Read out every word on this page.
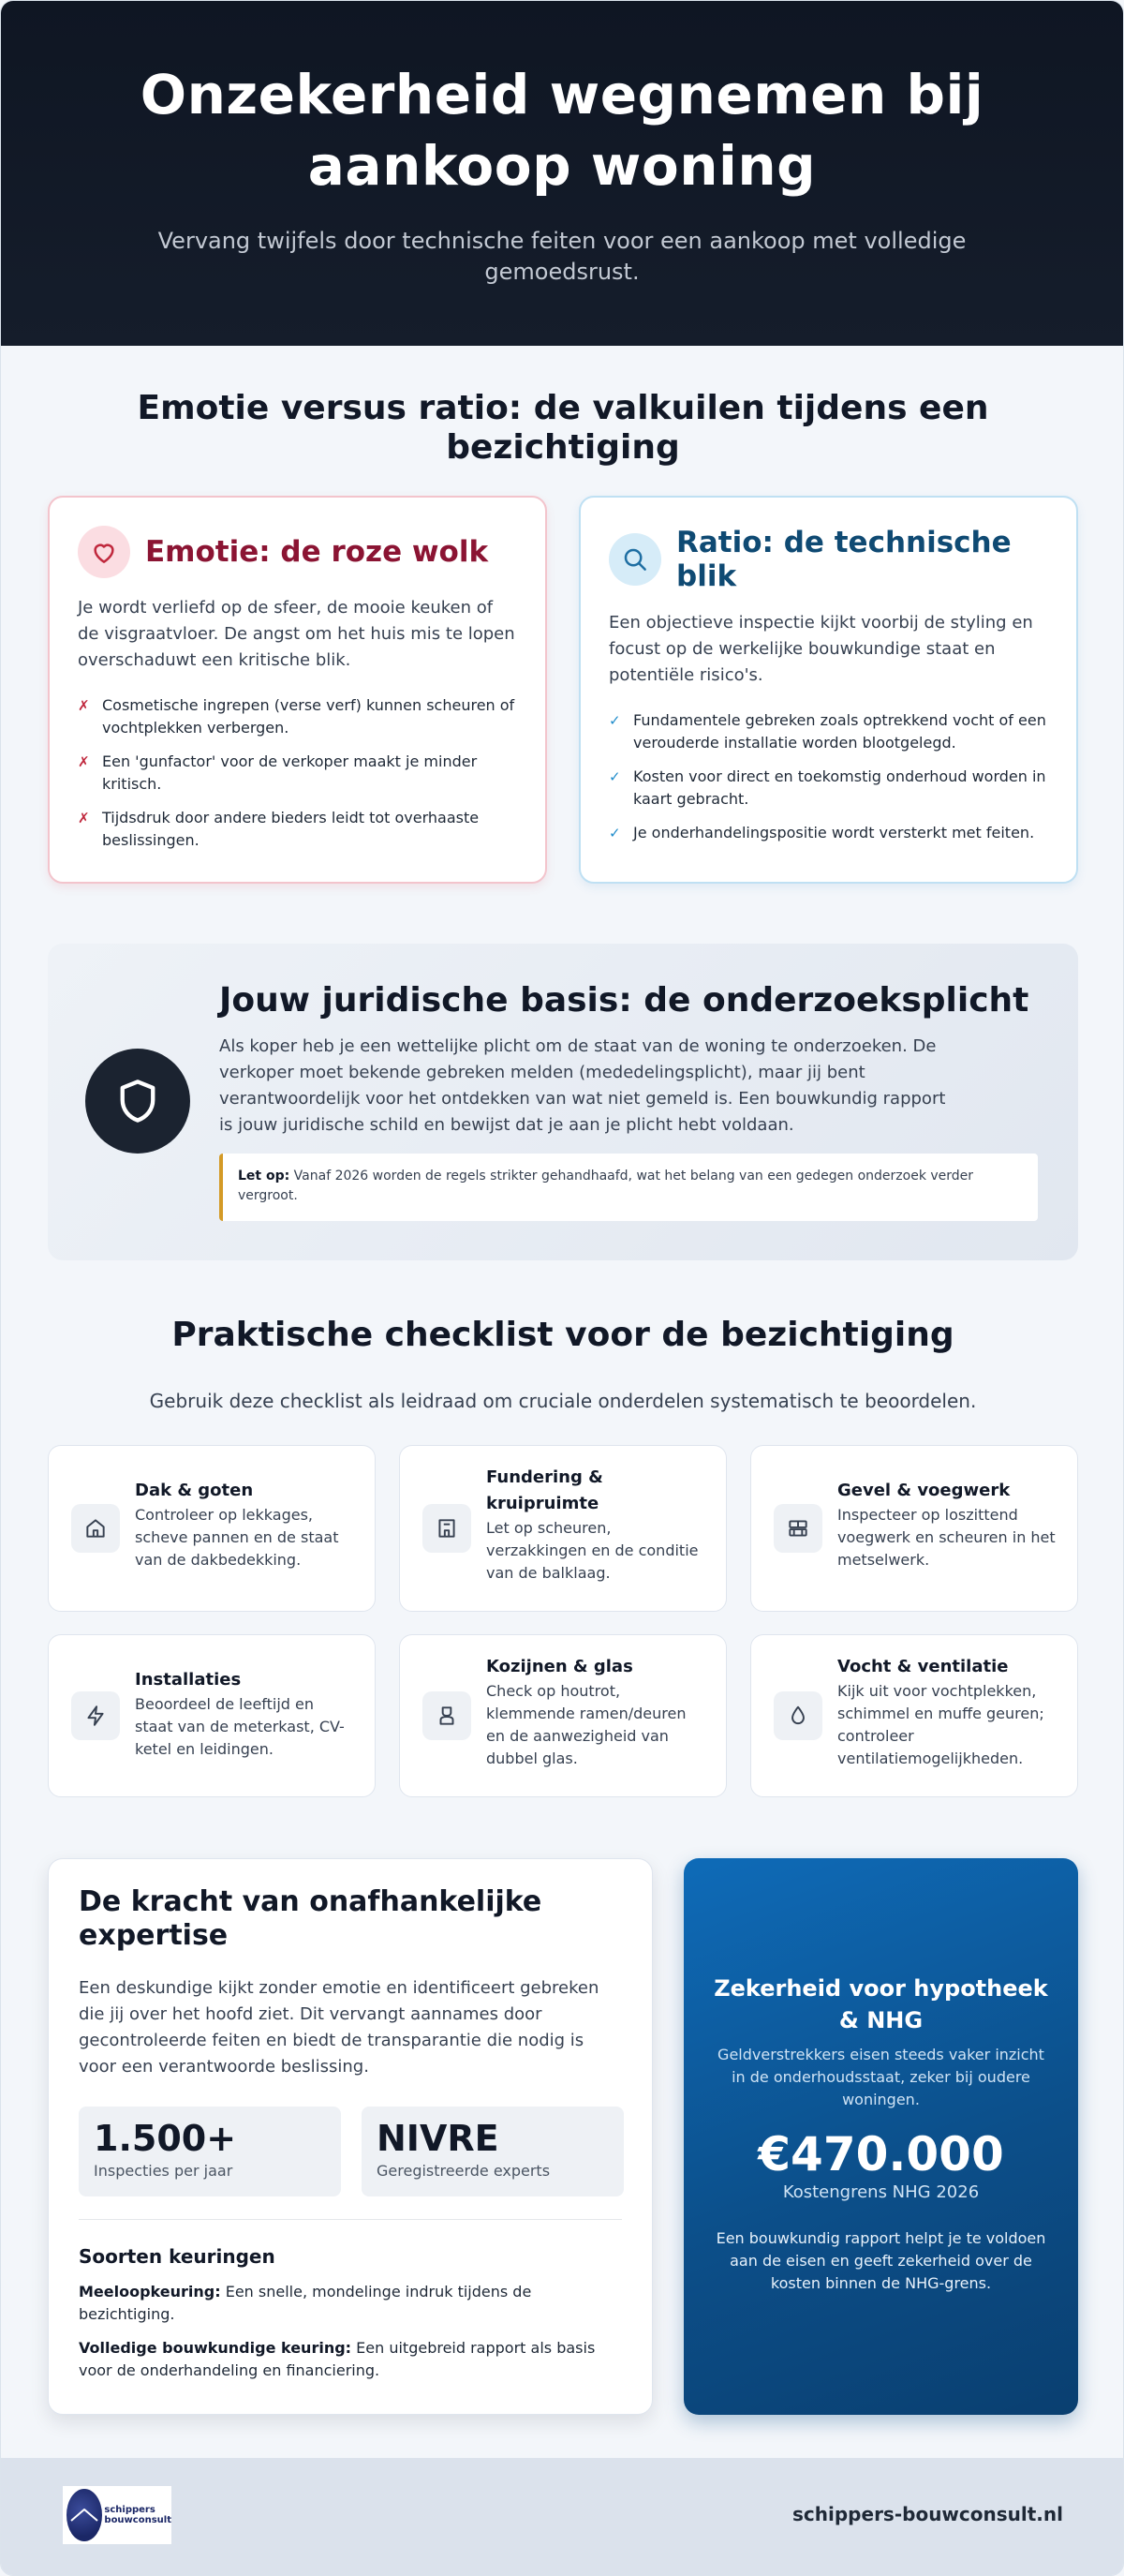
Onzekerheid wegnemen bij aankoop woning

Vervang twijfels door technische feiten voor een aankoop met volledige gemoedsrust.

Emotie versus ratio: de valkuilen tijdens een bezichtiging
Emotie: de roze wolk

Je wordt verliefd op de sfeer, de mooie keuken of de visgraatvloer. De angst om het huis mis te lopen overschaduwt een kritische blik.

✗ Cosmetische ingrepen (verse verf) kunnen scheuren of vochtplekken verbergen.
✗ Een 'gunfactor' voor de verkoper maakt je minder kritisch.
✗ Tijdsdruk door andere bieders leidt tot overhaaste beslissingen.
Ratio: de technische blik

Een objectieve inspectie kijkt voorbij de styling en focust op de werkelijke bouwkundige staat en potentiële risico's.

✓ Fundamentele gebreken zoals optrekkend vocht of een verouderde installatie worden blootgelegd.
✓ Kosten voor direct en toekomstig onderhoud worden in kaart gebracht.
✓ Je onderhandelingspositie wordt versterkt met feiten.
Jouw juridische basis: de onderzoeksplicht

Als koper heb je een wettelijke plicht om de staat van de woning te onderzoeken. De verkoper moet bekende gebreken melden (mededelingsplicht), maar jij bent verantwoordelijk voor het ontdekken van wat niet gemeld is. Een bouwkundig rapport is jouw juridische schild en bewijst dat je aan je plicht hebt voldaan.

Let op: Vanaf 2026 worden de regels strikter gehandhaafd, wat het belang van een gedegen onderzoek verder vergroot.
Praktische checklist voor de bezichtiging

Gebruik deze checklist als leidraad om cruciale onderdelen systematisch te beoordelen.

Dak & goten
Controleer op lekkages, scheve pannen en de staat van de dakbedekking.
Fundering & kruipruimte
Let op scheuren, verzakkingen en de conditie van de balklaag.
Gevel & voegwerk
Inspecteer op loszittend voegwerk en scheuren in het metselwerk.
Installaties
Beoordeel de leeftijd en staat van de meterkast, CV-ketel en leidingen.
Kozijnen & glas
Check op houtrot, klemmende ramen/deuren en de aanwezigheid van dubbel glas.
Vocht & ventilatie
Kijk uit voor vochtplekken, schimmel en muffe geuren; controleer ventilatiemogelijkheden.
De kracht van onafhankelijke expertise

Een deskundige kijkt zonder emotie en identificeert gebreken die jij over het hoofd ziet. Dit vervangt aannames door gecontroleerde feiten en biedt de transparantie die nodig is voor een verantwoorde beslissing.

1.500+
Inspecties per jaar
NIVRE
Geregistreerde experts
Soorten keuringen

Meeloopkeuring: Een snelle, mondelinge indruk tijdens de bezichtiging.

Volledige bouwkundige keuring: Een uitgebreid rapport als basis voor de onderhandeling en financiering.

Zekerheid voor hypotheek & NHG

Geldverstrekkers eisen steeds vaker inzicht in de onderhoudsstaat, zeker bij oudere woningen.

€470.000
Kostengrens NHG 2026

Een bouwkundig rapport helpt je te voldoen aan de eisen en geeft zekerheid over de kosten binnen de NHG-grens.

schippers
bouwconsult	schippers-bouwconsult.nl
